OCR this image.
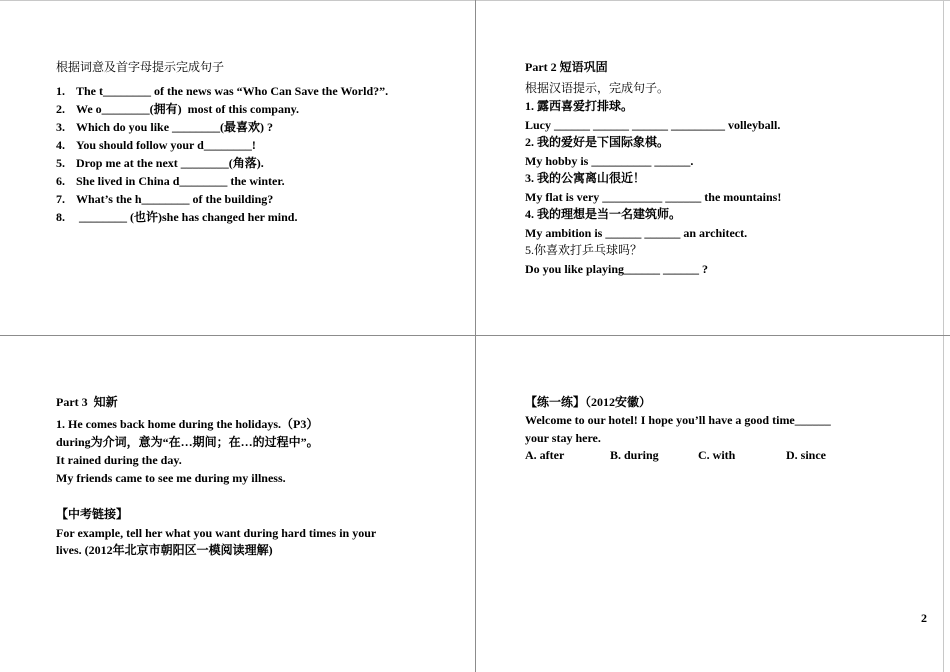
根据词意及首字母提示完成句子
1. The t________ of the news was “Who Can Save the World?”.
2. We o________(拥有)  most of this company.
3. Which do you like ________(最喜欢) ?
4. You should follow your d________!
5. Drop me at the next ________(角落).
6. She lived in China d________ the winter.
7. What’s the h________ of the building?
8. ________ (也许)she has changed her mind.
Part 2 短语巩固
根据汉语提示，完成句子。
1. 露西喜爱打排球。
Lucy ______ ______ ______ _________ volleyball.
2. 我的爱好是下国际象棋。
My hobby is __________ ______.
3. 我的公寓离山很近！
My flat is very __________ ______ the mountains!
4. 我的理想是当一名建筑师。
My ambition is ______ ______ an architect.
5.你喜欢打乒乓球吗？
Do you like playing______ ______ ?
Part 3  知新
1. He comes back home during the holidays.（P3）
during为介词，意为“在…期间；在…的过程中”。
It rained during the day.
My friends came to see me during my illness.
【中考链接】
For example, tell her what you want during hard times in your
lives. (2012年北京市朝阳区一模阅读理解)
【练一练】（2012安徽）
Welcome to our hotel! I hope you’ll have a good time______
your stay here.
A. after	B. during	C. with	D. since
2
